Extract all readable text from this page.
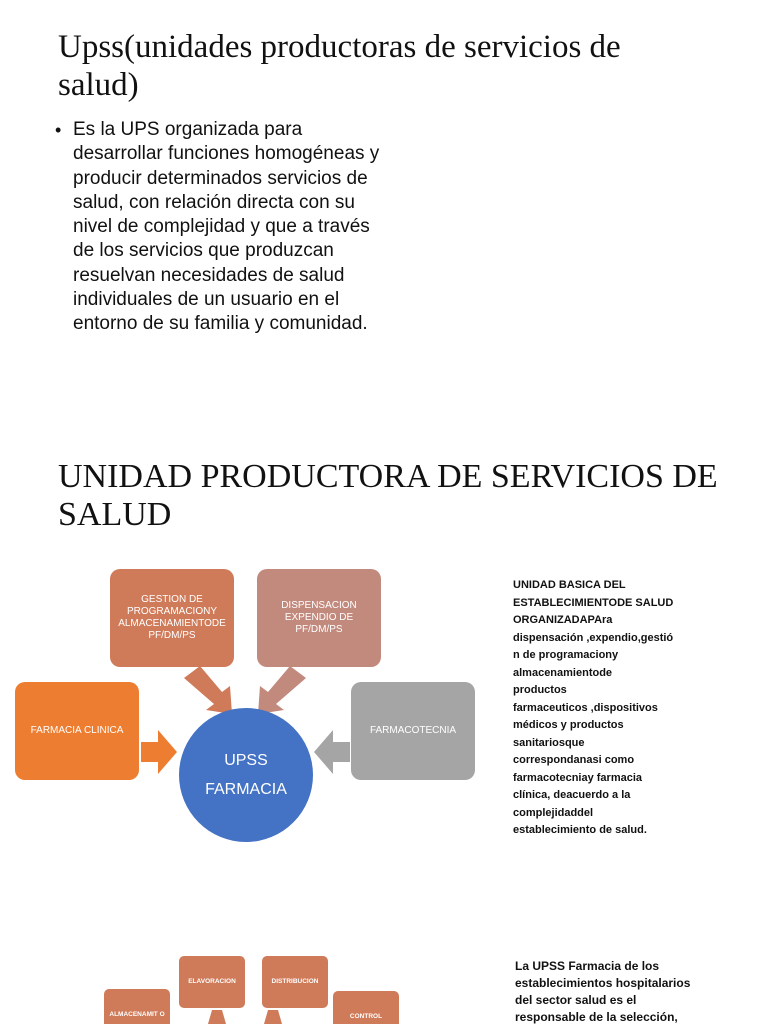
Upss(unidades productoras de servicios de salud)
• Es la UPS organizada para desarrollar funciones homogéneas y producir determinados servicios de salud, con relación directa con su nivel de complejidad y que a través de los servicios que produzcan resuelvan necesidades de salud individuales de un usuario en el entorno de su familia y comunidad.
UNIDAD PRODUCTORA DE SERVICIOS DE SALUD
GESTION DE PROGRAMACIONY ALMACENAMIENTODE PF/DM/PS
DISPENSACION EXPENDIO DE PF/DM/PS
FARMACIA CLINICA	FARMACOTECNIA
UPSS
FARMACIA
UNIDAD BASICA DEL
ESTABLECIMIENTODE SALUD
ORGANIZADAPAra
dispensación ,expendio,gestió
n de programaciony
almacenamientode
productos
farmaceuticos ,dispositivos
médicos y productos
sanitariosque
correspondanasi como
farmacotecniay farmacia
clínica, deacuerdo a la
complejidaddel
establecimiento de salud.
ELAVORACION	DISTRIBUCION
ALMACENAMIT O	CONTROL
La UPSS Farmacia de los
establecimientos hospitalarios
del sector salud es el
responsable de la selección,
